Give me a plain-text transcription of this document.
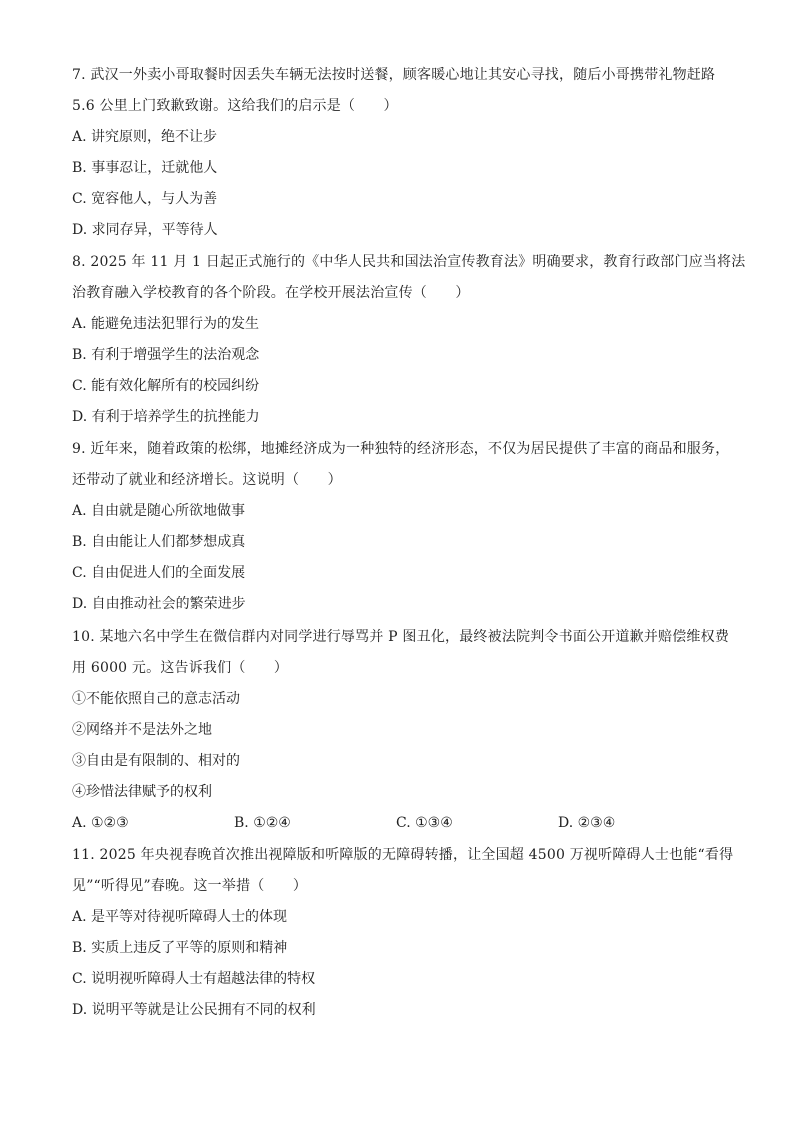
7. 武汉一外卖小哥取餐时因丢失车辆无法按时送餐，顾客暖心地让其安心寻找，随后小哥携带礼物赶路
5.6 公里上门致歉致谢。这给我们的启示是（　　）
A. 讲究原则，绝不让步
B. 事事忍让，迁就他人
C. 宽容他人，与人为善
D. 求同存异，平等待人
8. 2025 年 11 月 1 日起正式施行的《中华人民共和国法治宣传教育法》明确要求，教育行政部门应当将法
治教育融入学校教育的各个阶段。在学校开展法治宣传（　　）
A. 能避免违法犯罪行为的发生
B. 有利于增强学生的法治观念
C. 能有效化解所有的校园纠纷
D. 有利于培养学生的抗挫能力
9. 近年来，随着政策的松绑，地摊经济成为一种独特的经济形态，不仅为居民提供了丰富的商品和服务，
还带动了就业和经济增长。这说明（　　）
A. 自由就是随心所欲地做事
B. 自由能让人们都梦想成真
C. 自由促进人们的全面发展
D. 自由推动社会的繁荣进步
10. 某地六名中学生在微信群内对同学进行辱骂并 P 图丑化，最终被法院判令书面公开道歉并赔偿维权费
用 6000 元。这告诉我们（　　）
①不能依照自己的意志活动
②网络并不是法外之地
③自由是有限制的、相对的
④珍惜法律赋予的权利
A. ①②③	B. ①②④	C. ①③④	D. ②③④
11. 2025 年央视春晚首次推出视障版和听障版的无障碍转播，让全国超 4500 万视听障碍人士也能“看得
见”“听得见”春晚。这一举措（　　）
A. 是平等对待视听障碍人士的体现
B. 实质上违反了平等的原则和精神
C. 说明视听障碍人士有超越法律的特权
D. 说明平等就是让公民拥有不同的权利
